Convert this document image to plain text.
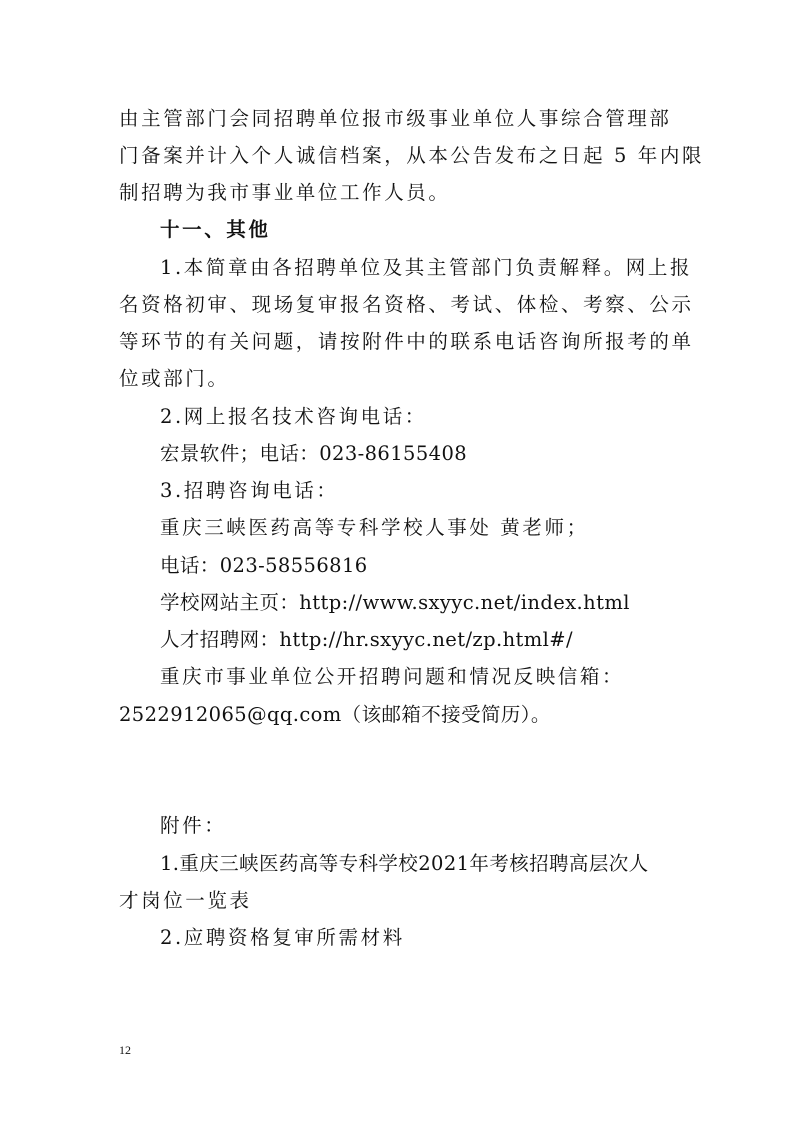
由主管部门会同招聘单位报市级事业单位人事综合管理部
门备案并计入个人诚信档案，从本公告发布之日起 5 年内限
制招聘为我市事业单位工作人员。
十一、其他
1.本简章由各招聘单位及其主管部门负责解释。网上报
名资格初审、现场复审报名资格、考试、体检、考察、公示
等环节的有关问题，请按附件中的联系电话咨询所报考的单
位或部门。
2.网上报名技术咨询电话：
宏景软件；电话：023-86155408
3.招聘咨询电话：
重庆三峡医药高等专科学校人事处 黄老师；
电话：023-58556816
学校网站主页：http://www.sxyyc.net/index.html
人才招聘网：http://hr.sxyyc.net/zp.html#/
重庆市事业单位公开招聘问题和情况反映信箱：
2522912065@qq.com（该邮箱不接受简历）。
附件：
1.重庆三峡医药高等专科学校2021年考核招聘高层次人
才岗位一览表
2.应聘资格复审所需材料
12
